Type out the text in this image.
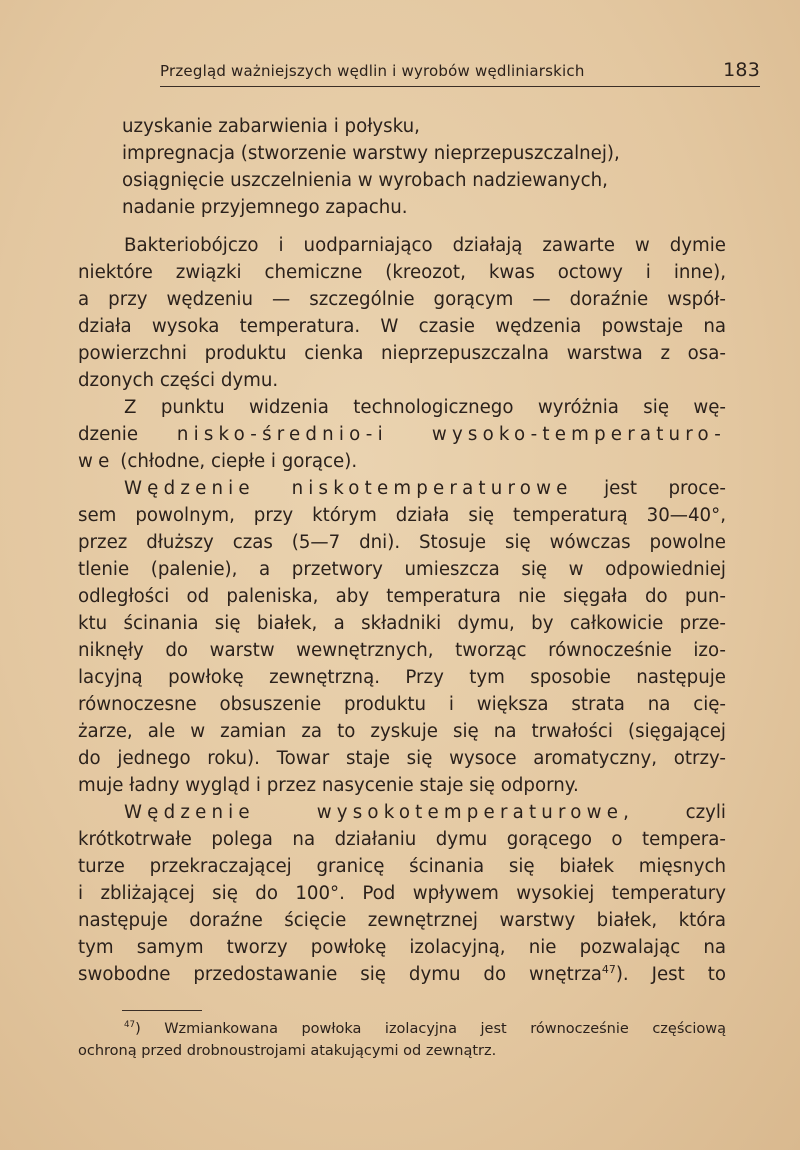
Przegląd ważniejszych wędlin i wyrobów wędliniarskich	183
uzyskanie zabarwienia i połysku,
impregnacja (stworzenie warstwy nieprzepuszczalnej),
osiągnięcie uszczelnienia w wyrobach nadziewanych,
nadanie przyjemnego zapachu.
Bakteriobójczo i uodparniająco działają zawarte w dymie
niektóre związki chemiczne (kreozot, kwas octowy i inne),
a przy wędzeniu — szczególnie gorącym — doraźnie współ-
działa wysoka temperatura. W czasie wędzenia powstaje na
powierzchni produktu cienka nieprzepuszczalna warstwa z osa-
dzonych części dymu.
Z punktu widzenia technologicznego wyróżnia się wę-
dzenie nisko-średnio-i wysoko-temperaturo-
we (chłodne, ciepłe i gorące).
Wędzenie niskotemperaturowe jest proce-
sem powolnym, przy którym działa się temperaturą 30—40°,
przez dłuższy czas (5—7 dni). Stosuje się wówczas powolne
tlenie (palenie), a przetwory umieszcza się w odpowiedniej
odległości od paleniska, aby temperatura nie sięgała do pun-
ktu ścinania się białek, a składniki dymu, by całkowicie prze-
niknęły do warstw wewnętrznych, tworząc równocześnie izo-
lacyjną powłokę zewnętrzną. Przy tym sposobie następuje
równoczesne obsuszenie produktu i większa strata na cię-
żarze, ale w zamian za to zyskuje się na trwałości (sięgającej
do jednego roku). Towar staje się wysoce aromatyczny, otrzy-
muje ładny wygląd i przez nasycenie staje się odporny.
Wędzenie wysokotemperaturowe, czyli
krótkotrwałe polega na działaniu dymu gorącego o tempera-
turze przekraczającej granicę ścinania się białek mięsnych
i zbliżającej się do 100°. Pod wpływem wysokiej temperatury
następuje doraźne ścięcie zewnętrznej warstwy białek, która
tym samym tworzy powłokę izolacyjną, nie pozwalając na
swobodne przedostawanie się dymu do wnętrza$^{47}$). Jest to
$^{47}$) Wzmiankowana powłoka izolacyjna jest równocześnie częściową
ochroną przed drobnoustrojami atakującymi od zewnątrz.
